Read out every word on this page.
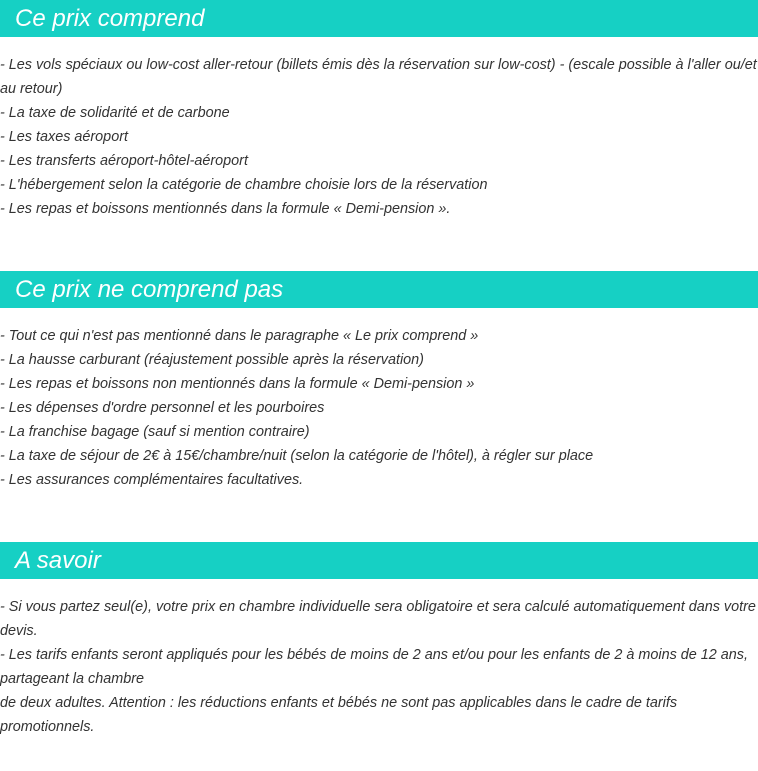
Ce prix comprend
- Les vols spéciaux ou low-cost aller-retour (billets émis dès la réservation sur low-cost) - (escale possible à l'aller ou/et au retour)
- La taxe de solidarité et de carbone
- Les taxes aéroport
- Les transferts aéroport-hôtel-aéroport
- L'hébergement selon la catégorie de chambre choisie lors de la réservation
- Les repas et boissons mentionnés dans la formule « Demi-pension ».
Ce prix ne comprend pas
- Tout ce qui n'est pas mentionné dans le paragraphe « Le prix comprend »
- La hausse carburant (réajustement possible après la réservation)
- Les repas et boissons non mentionnés dans la formule « Demi-pension »
- Les dépenses d'ordre personnel et les pourboires
- La franchise bagage (sauf si mention contraire)
- La taxe de séjour de 2€ à 15€/chambre/nuit (selon la catégorie de l'hôtel), à régler sur place
- Les assurances complémentaires facultatives.
A savoir
- Si vous partez seul(e), votre prix en chambre individuelle sera obligatoire et sera calculé automatiquement dans votre devis.
- Les tarifs enfants seront appliqués pour les bébés de moins de 2 ans et/ou pour les enfants de 2 à moins de 12 ans, partageant la chambre
de deux adultes. Attention : les réductions enfants et bébés ne sont pas applicables dans le cadre de tarifs promotionnels.
